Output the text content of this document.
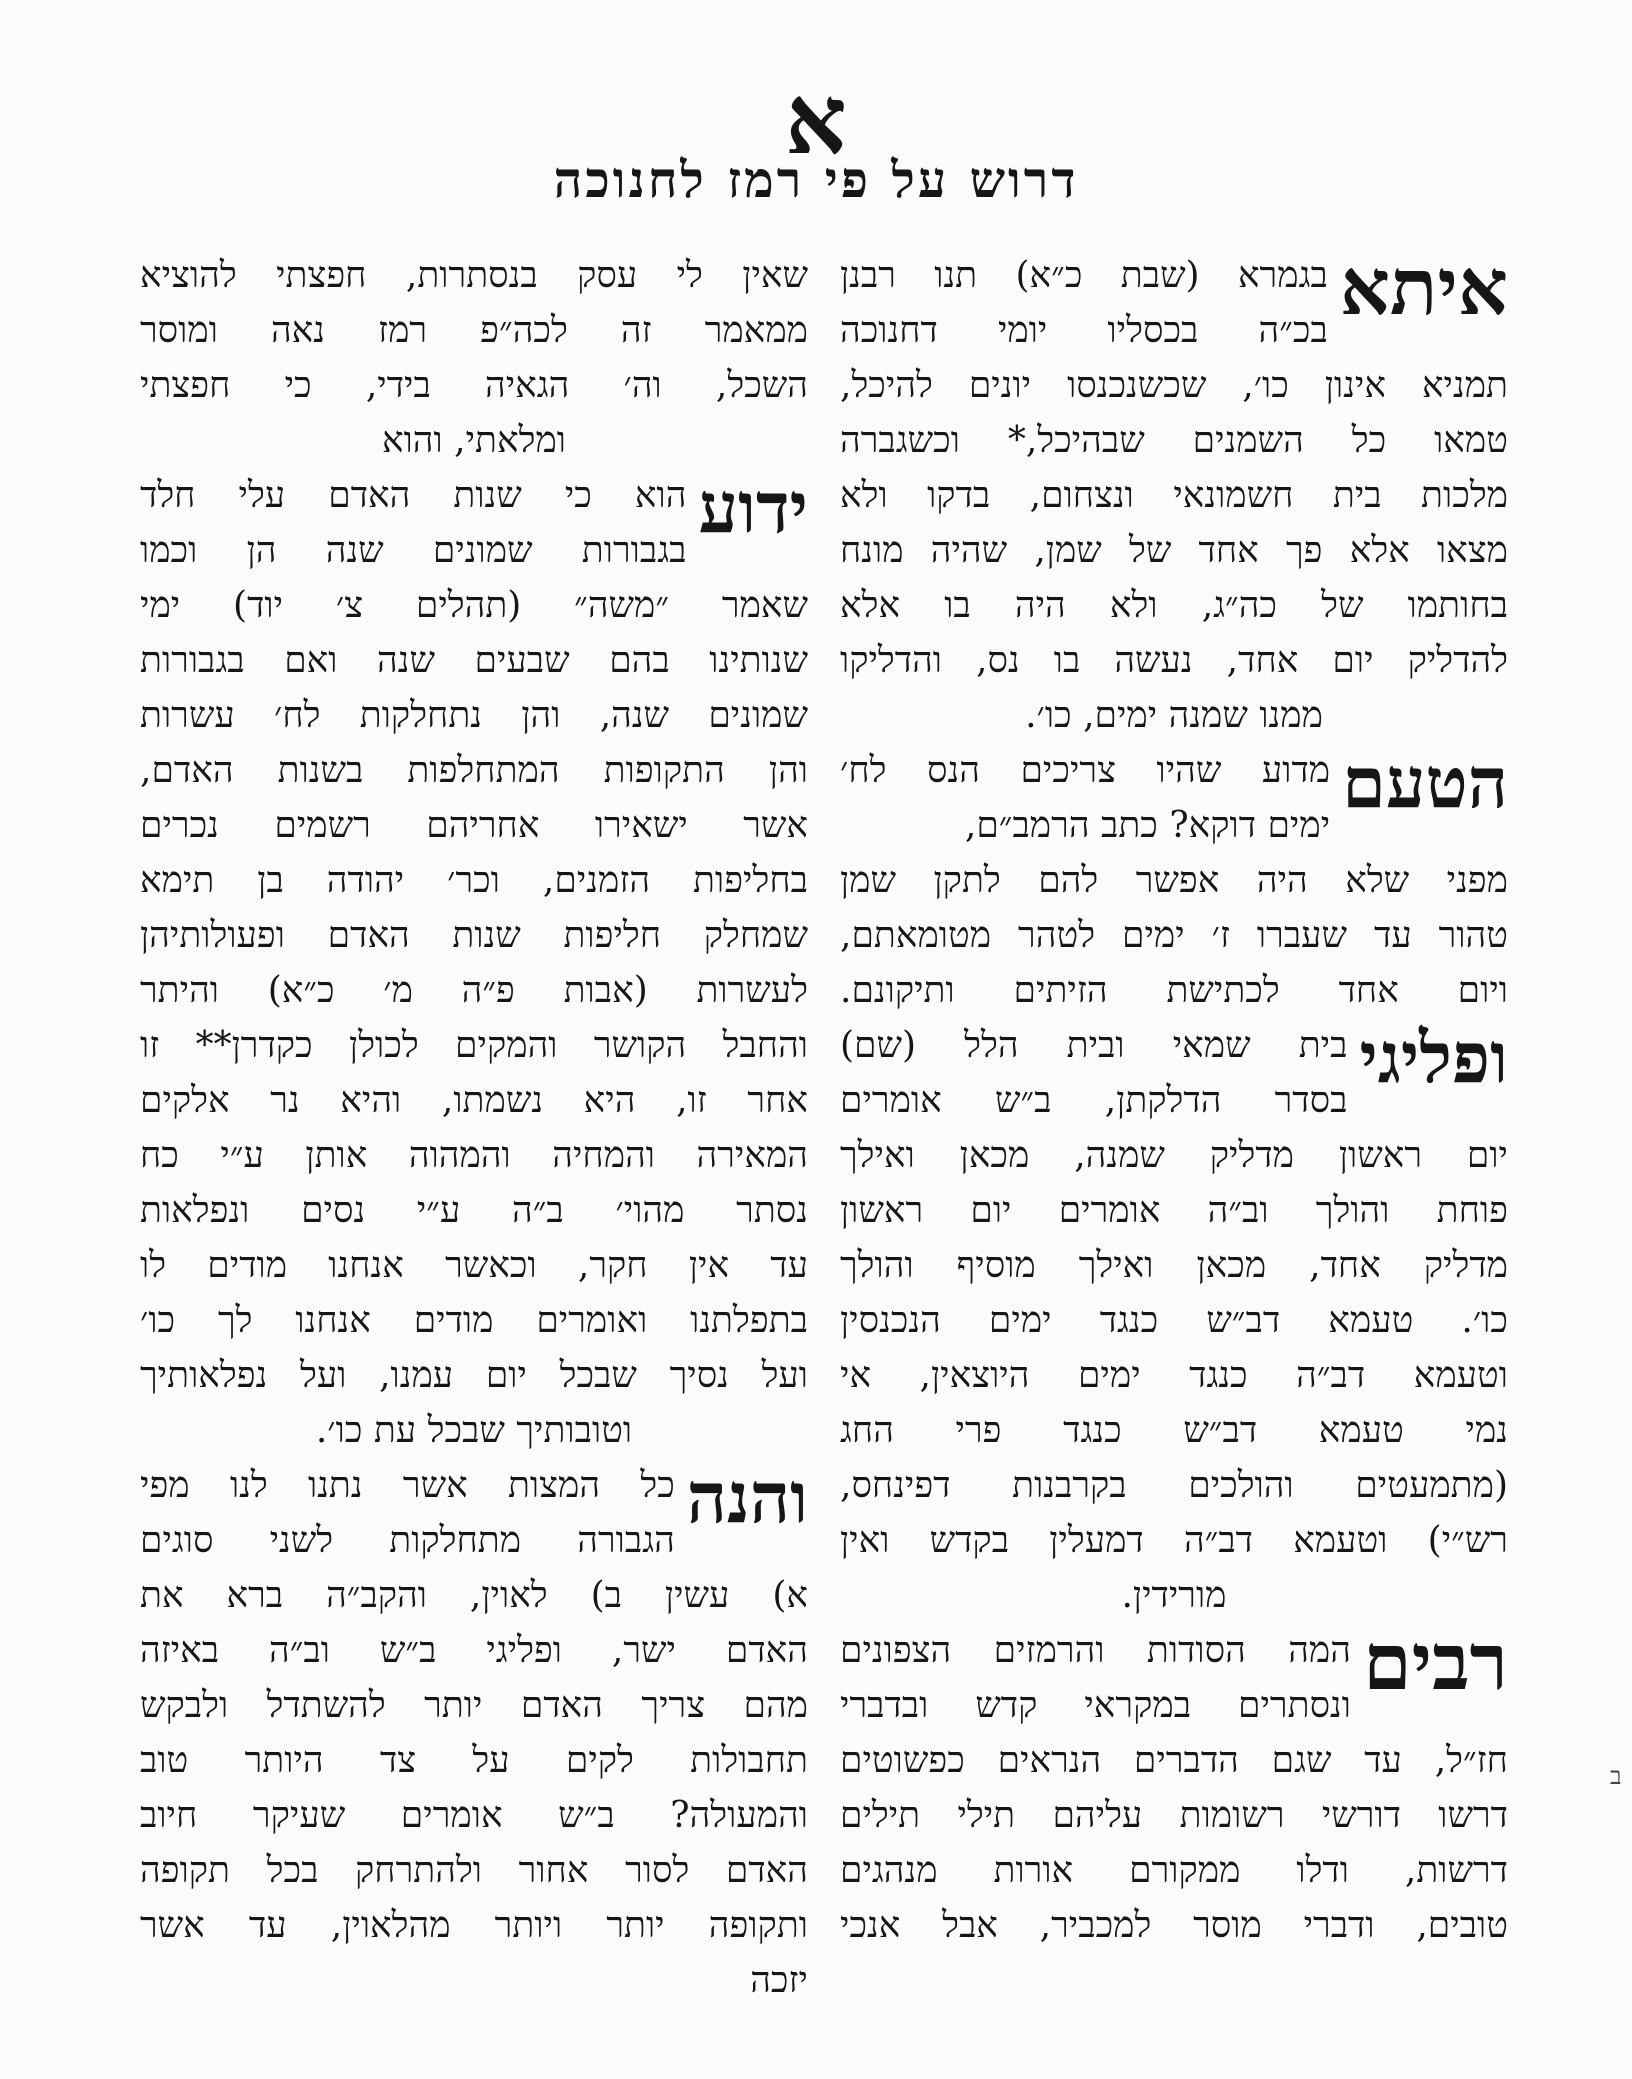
א
דרוש על פי רמז לחנוכה
איתא
בגמרא (שבת כ״א) תנו רבנן
בכ״ה בכסליו יומי דחנוכה
תמניא אינון כו׳, שכשנכנסו יונים להיכל,
טמאו כל השמנים שבהיכל,* וכשגברה
מלכות בית חשמונאי ונצחום, בדקו ולא
מצאו אלא פך אחד של שמן, שהיה מונח
בחותמו של כה״ג, ולא היה בו אלא
להדליק יום אחד, נעשה בו נס, והדליקו
ממנו שמנה ימים, כו׳.
הטעם
מדוע שהיו צריכים הנס לח׳
ימים דוקא? כתב הרמב״ם,
מפני שלא היה אפשר להם לתקן שמן
טהור עד שעברו ז׳ ימים לטהר מטומאתם,
ויום אחד לכתישת הזיתים ותיקונם.
ופליגי
בית שמאי ובית הלל (שם)
בסדר הדלקתן, ב״ש אומרים
יום ראשון מדליק שמנה, מכאן ואילך
פוחת והולך וב״ה אומרים יום ראשון
מדליק אחד, מכאן ואילך מוסיף והולך
כו׳. טעמא דב״ש כנגד ימים הנכנסין
וטעמא דב״ה כנגד ימים היוצאין, אי
נמי טעמא דב״ש כנגד פרי החג
(מתמעטים והולכים בקרבנות דפינחס,
רש״י) וטעמא דב״ה דמעלין בקדש ואין
מורידין.
רבים
המה הסודות והרמזים הצפונים
ונסתרים במקראי קדש ובדברי
חז״ל, עד שגם הדברים הנראים כפשוטים
דרשו דורשי רשומות עליהם תילי תילים
דרשות, ודלו ממקורם אורות מנהגים
טובים, ודברי מוסר למכביר, אבל אנכי
שאין לי עסק בנסתרות, חפצתי להוציא
ממאמר זה לכה״פ רמז נאה ומוסר
השכל, וה׳ הגאיה בידי, כי חפצתי
ומלאתי, והוא
ידוע
הוא כי שנות האדם עלי חלד
בגבורות שמונים שנה הן וכמו
שאמר ״משה״ (תהלים צ׳ יוד) ימי
שנותינו בהם שבעים שנה ואם בגבורות
שמונים שנה, והן נתחלקות לח׳ עשרות
והן התקופות המתחלפות בשנות האדם,
אשר ישאירו אחריהם רשמים נכרים
בחליפות הזמנים, וכר׳ יהודה בן תימא
שמחלק חליפות שנות האדם ופעולותיהן
לעשרות (אבות פ״ה מ׳ כ״א) והיתר
והחבל הקושר והמקים לכולן כקדרן** זו
אחר זו, היא נשמתו, והיא נר אלקים
המאירה והמחיה והמהוה אותן ע״י כח
נסתר מהוי׳ ב״ה ע״י נסים ונפלאות
עד אין חקר, וכאשר אנחנו מודים לו
בתפלתנו ואומרים מודים אנחנו לך כו׳
ועל נסיך שבכל יום עמנו, ועל נפלאותיך
וטובותיך שבכל עת כו׳.
והנה
כל המצות אשר נתנו לנו מפי
הגבורה מתחלקות לשני סוגים
א) עשין ב) לאוין, והקב״ה ברא את
האדם ישר, ופליגי ב״ש וב״ה באיזה
מהם צריך האדם יותר להשתדל ולבקש
תחבולות לקים על צד היותר טוב
והמעולה? ב״ש אומרים שעיקר חיוב
האדם לסור אחור ולהתרחק בכל תקופה
ותקופה יותר ויותר מהלאוין, עד אשר
יזכה
ב
